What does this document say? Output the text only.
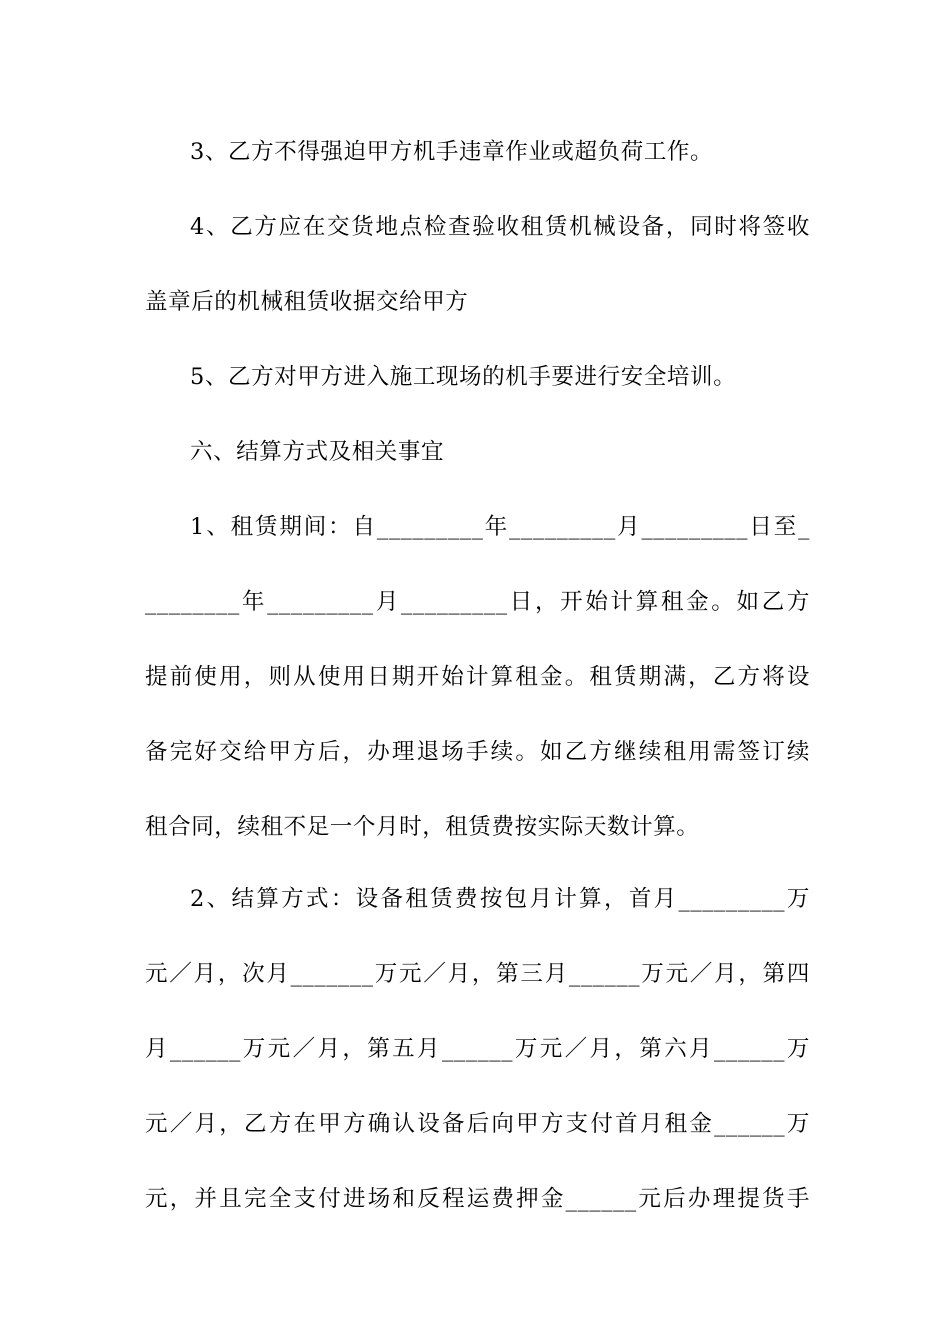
3、乙方不得强迫甲方机手违章作业或超负荷工作。
4、乙方应在交货地点检查验收租赁机械设备，同时将签收
盖章后的机械租赁收据交给甲方
5、乙方对甲方进入施工现场的机手要进行安全培训。
六、结算方式及相关事宜
1、租赁期间：自_________年_________月_________日至_
________年_________月_________日，开始计算租金。如乙方
提前使用，则从使用日期开始计算租金。租赁期满，乙方将设
备完好交给甲方后，办理退场手续。如乙方继续租用需签订续
租合同，续租不足一个月时，租赁费按实际天数计算。
2、结算方式：设备租赁费按包月计算，首月_________万
元／月，次月_______万元／月，第三月______万元／月，第四
月______万元／月，第五月______万元／月，第六月______万
元／月，乙方在甲方确认设备后向甲方支付首月租金______万
元，并且完全支付进场和反程运费押金______元后办理提货手
